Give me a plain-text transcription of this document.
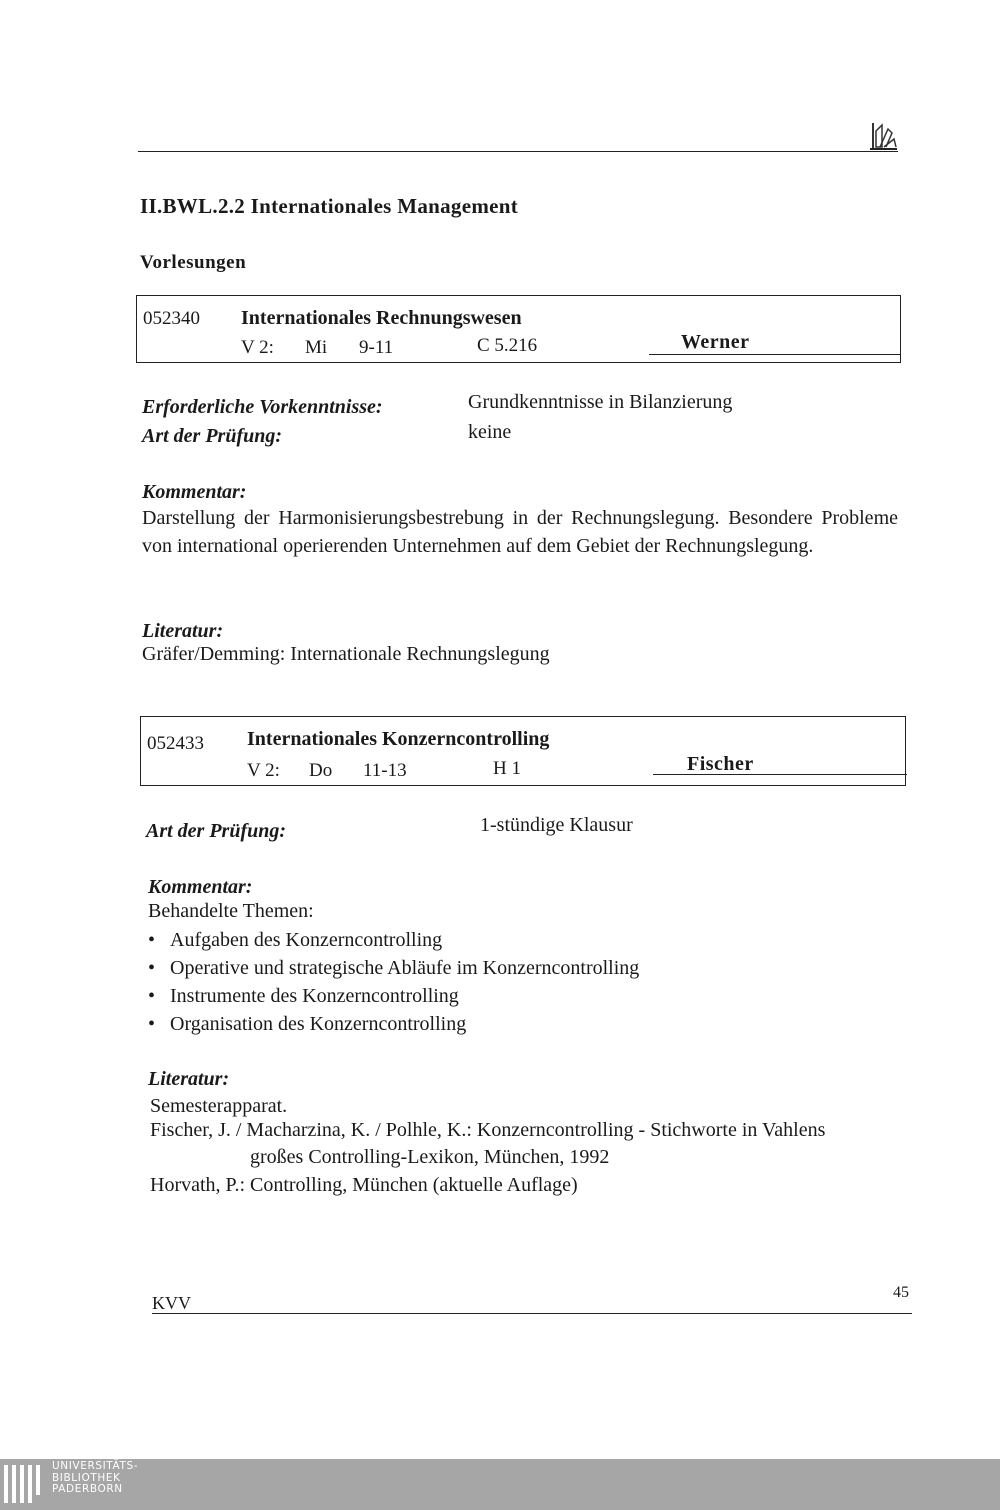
II.BWL.2.2 Internationales Management
Vorlesungen
052340 Internationales Rechnungswesen
V 2: Mi 9-11	C 5.216	Werner
Erforderliche Vorkenntnisse:	Grundkenntnisse in Bilanzierung
Art der Prüfung:	keine
Kommentar:
Darstellung der Harmonisierungsbestrebung in der Rechnungslegung. Besondere Probleme von international operierenden Unternehmen auf dem Gebiet der Rechnungslegung.
Literatur:
Gräfer/Demming: Internationale Rechnungslegung
052433 Internationales Konzerncontrolling
V 2: Do 11-13	H 1	Fischer
Art der Prüfung:	1-stündige Klausur
Kommentar:
Behandelte Themen:
• Aufgaben des Konzerncontrolling
• Operative und strategische Abläufe im Konzerncontrolling
• Instrumente des Konzerncontrolling
• Organisation des Konzerncontrolling
Literatur:
Semesterapparat.
Fischer, J. / Macharzina, K. / Polhle, K.: Konzerncontrolling - Stichworte in Vahlens
großes Controlling-Lexikon, München, 1992
Horvath, P.: Controlling, München (aktuelle Auflage)
KVV
45
UNIVERSITÄTS-
BIBLIOTHEK
PADERBORN
